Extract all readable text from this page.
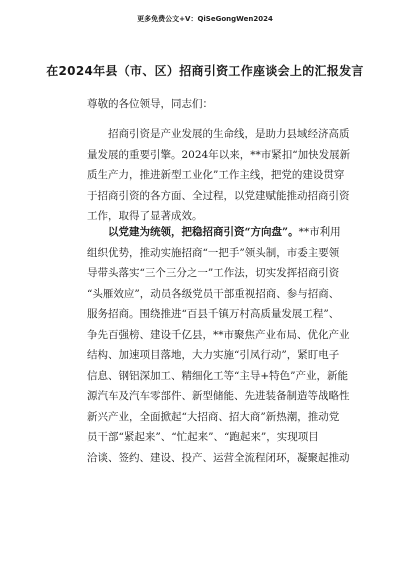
更多免费公文+V：QiSeGongWen2024
在2024年县（市、区）招商引资工作座谈会上的汇报发言
尊敬的各位领导，同志们：
招商引资是产业发展的生命线，是助力县域经济高质
量发展的重要引擎。2024年以来，**市紧扣“加快发展新
质生产力，推进新型工业化”工作主线，把党的建设贯穿
于招商引资的各方面、全过程，以党建赋能推动招商引资
工作，取得了显著成效。
以党建为统领，把稳招商引资“方向盘”。**市利用
组织优势，推动实施招商“一把手”领头制，市委主要领
导带头落实“三个三分之一”工作法，切实发挥招商引资
“头雁效应”，动员各级党员干部重视招商、参与招商、
服务招商。围绕推进“百县千镇万村高质量发展工程”、
争先百强榜、建设千亿县，**市聚焦产业布局、优化产业
结构、加速项目落地，大力实施“引凤行动”，紧盯电子
信息、钢铝深加工、精细化工等“主导+特色”产业，新能
源汽车及汽车零部件、新型储能、先进装备制造等战略性
新兴产业，全面掀起“大招商、招大商”新热潮，推动党
员干部“紧起来”、“忙起来”、“跑起来”，实现项目
洽谈、签约、建设、投产、运营全流程闭环，凝聚起推动
